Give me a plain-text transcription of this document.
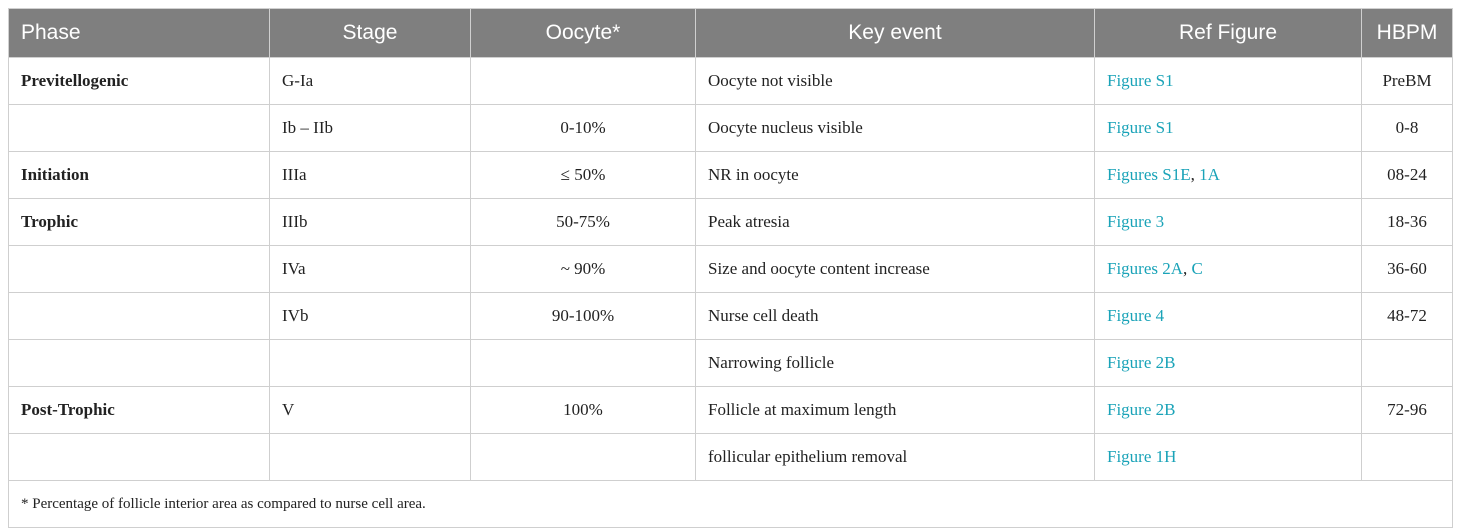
Phase	Stage	Oocyte*	Key event	Ref Figure	HBPM
Previtellogenic	G-Ia		Oocyte not visible	Figure S1	PreBM
	Ib – IIb	0-10%	Oocyte nucleus visible	Figure S1	0-8
Initiation	IIIa	≤ 50%	NR in oocyte	Figures S1E, 1A	08-24
Trophic	IIIb	50-75%	Peak atresia	Figure 3	18-36
	IVa	~ 90%	Size and oocyte content increase	Figures 2A, C	36-60
	IVb	90-100%	Nurse cell death	Figure 4	48-72
			Narrowing follicle	Figure 2B	
Post-Trophic	V	100%	Follicle at maximum length	Figure 2B	72-96
			follicular epithelium removal	Figure 1H	
* Percentage of follicle interior area as compared to nurse cell area.					
